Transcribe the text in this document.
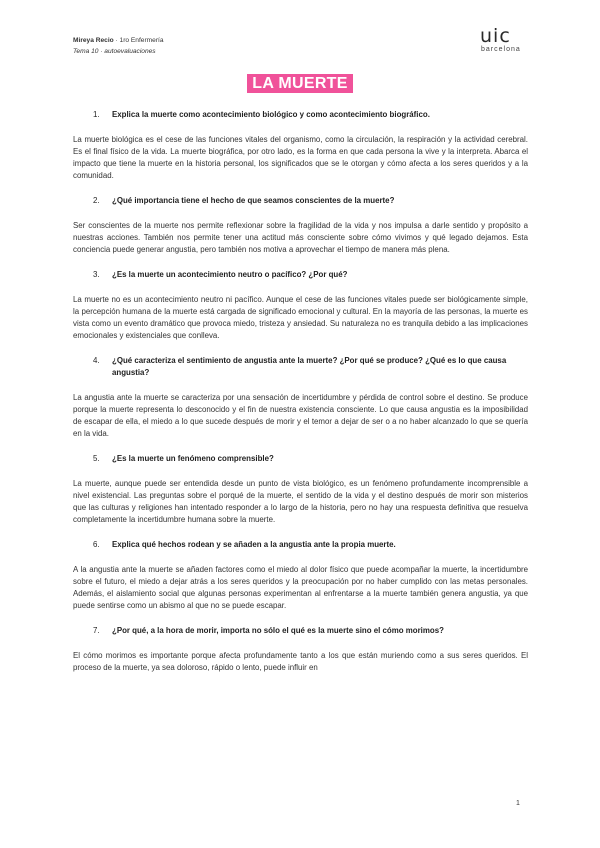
Mireya Recio · 1ro Enfermería
Tema 10 · autoevaluaciones
uic
barcelona
LA MUERTE
1.	Explica la muerte como acontecimiento biológico y como acontecimiento biográfico.

La muerte biológica es el cese de las funciones vitales del organismo, como la circulación, la respiración y la actividad cerebral. Es el final físico de la vida. La muerte biográfica, por otro lado, es la forma en que cada persona la vive y la interpreta. Abarca el impacto que tiene la muerte en la historia personal, los significados que se le otorgan y cómo afecta a los seres queridos y a la comunidad.

2.	¿Qué importancia tiene el hecho de que seamos conscientes de la muerte?

Ser conscientes de la muerte nos permite reflexionar sobre la fragilidad de la vida y nos impulsa a darle sentido y propósito a nuestras acciones. También nos permite tener una actitud más consciente sobre cómo vivimos y qué legado dejamos. Esta conciencia puede generar angustia, pero también nos motiva a aprovechar el tiempo de manera más plena.

3.	¿Es la muerte un acontecimiento neutro o pacífico? ¿Por qué?

La muerte no es un acontecimiento neutro ni pacífico. Aunque el cese de las funciones vitales puede ser biológicamente simple, la percepción humana de la muerte está cargada de significado emocional y cultural. En la mayoría de las personas, la muerte es vista como un evento dramático que provoca miedo, tristeza y ansiedad. Su naturaleza no es tranquila debido a las implicaciones emocionales y existenciales que conlleva.

4.	¿Qué caracteriza el sentimiento de angustia ante la muerte? ¿Por qué se produce? ¿Qué es lo que causa angustia?

La angustia ante la muerte se caracteriza por una sensación de incertidumbre y pérdida de control sobre el destino. Se produce porque la muerte representa lo desconocido y el fin de nuestra existencia consciente. Lo que causa angustia es la imposibilidad de escapar de ella, el miedo a lo que sucede después de morir y el temor a dejar de ser o a no haber alcanzado lo que se quería en la vida.

5.	¿Es la muerte un fenómeno comprensible?

La muerte, aunque puede ser entendida desde un punto de vista biológico, es un fenómeno profundamente incomprensible a nivel existencial. Las preguntas sobre el porqué de la muerte, el sentido de la vida y el destino después de morir son misterios que las culturas y religiones han intentado responder a lo largo de la historia, pero no hay una respuesta definitiva que resuelva completamente la incertidumbre humana sobre la muerte.

6.	Explica qué hechos rodean y se añaden a la angustia ante la propia muerte.

A la angustia ante la muerte se añaden factores como el miedo al dolor físico que puede acompañar la muerte, la incertidumbre sobre el futuro, el miedo a dejar atrás a los seres queridos y la preocupación por no haber cumplido con las metas personales. Además, el aislamiento social que algunas personas experimentan al enfrentarse a la muerte también genera angustia, ya que puede sentirse como un abismo al que no se puede escapar.

7.	¿Por qué, a la hora de morir, importa no sólo el qué es la muerte sino el cómo morimos?

El cómo morimos es importante porque afecta profundamente tanto a los que están muriendo como a sus seres queridos. El proceso de la muerte, ya sea doloroso, rápido o lento, puede influir en

1
